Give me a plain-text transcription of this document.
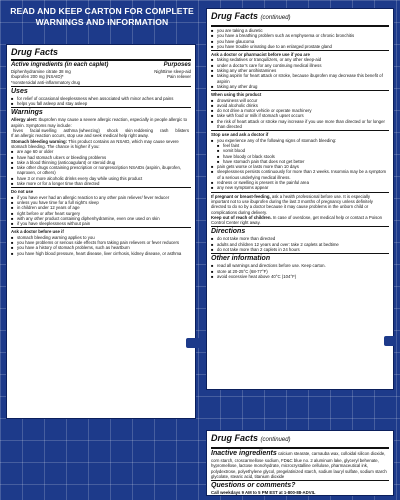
READ AND KEEP CARTON FOR COMPLETE
WARNINGS AND INFORMATION
Drug Facts
Active ingredients (in each caplet)	Purposes
Diphenhydramine citrate 38 mg	Nighttime sleep-aid
Ibuprofen 200 mg (NSAID)*	Pain reliever
*nonsteroidal anti-inflammatory drug
Uses
■ for relief of occasional sleeplessness when associated with minor aches and pains
■ helps you fall asleep and stay asleep
Warnings
Allergy alert: Ibuprofen may cause a severe allergic reaction, especially in people allergic to aspirin. Symptoms may include:
hives facial swelling asthma (wheezing) shock skin reddening rash blisters
If an allergic reaction occurs, stop use and seek medical help right away.
Stomach bleeding warning: This product contains an NSAID, which may cause severe stomach bleeding. The chance is higher if you:
■ are age 60 or older
■ have had stomach ulcers or bleeding problems
■ take a blood thinning (anticoagulant) or steroid drug
■ take other drugs containing prescription or nonprescription NSAIDs (aspirin, ibuprofen, naproxen, or others)
■ have 3 or more alcoholic drinks every day while using this product
■ take more or for a longer time than directed
Do not use
■ if you have ever had an allergic reaction to any other pain reliever/ fever reducer
■ unless you have time for a full night's sleep
■ in children under 12 years of age
■ right before or after heart surgery
■ with any other product containing diphenhydramine, even one used on skin
■ if you have sleeplessness without pain
Ask a doctor before use if
■ stomach bleeding warning applies to you
■ you have problems or serious side effects from taking pain relievers or fever reducers
■ you have a history of stomach problems, such as heartburn
■ you have high blood pressure, heart disease, liver cirrhosis, kidney disease, or asthma
Drug Facts (continued)
■ you are taking a diuretic
■ you have a breathing problem such as emphysema or chronic bronchitis
■ you have glaucoma
■ you have trouble urinating due to an enlarged prostate gland
Ask a doctor or pharmacist before use if you are
■ taking sedatives or tranquilizers, or any other sleep-aid
■ under a doctor's care for any continuing medical illness
■ taking any other antihistamines
■ taking aspirin for heart attack or stroke, because ibuprofen may decrease this benefit of aspirin
■ taking any other drug
When using this product
■ drowsiness will occur
■ avoid alcoholic drinks
■ do not drive a motor vehicle or operate machinery
■ take with food or milk if stomach upset occurs
■ the risk of heart attack or stroke may increase if you use more than directed or for longer than directed
Stop use and ask a doctor if
■ you experience any of the following signs of stomach bleeding:
■ feel faint
■ vomit blood
■ have bloody or black stools
■ have stomach pain that does not get better
■ pain gets worse or lasts more than 10 days
■ sleeplessness persists continuously for more than 2 weeks. Insomnia may be a symptom of a serious underlying medical illness.
■ redness or swelling is present in the painful area
■ any new symptoms appear
If pregnant or breast-feeding, ask a health professional before use. It is especially important not to use ibuprofen during the last 3 months of pregnancy unless definitely directed to do so by a doctor because it may cause problems in the unborn child or complications during delivery.
Keep out of reach of children. In case of overdose, get medical help or contact a Poison Control Center right away.
Directions
■ do not take more than directed
■ adults and children 12 years and over: take 2 caplets at bedtime
■ do not take more than 2 caplets in 24 hours
Other information
■ read all warnings and directions before use. Keep carton.
■ store at 20-25°C (68-77°F)
■ avoid excessive heat above 40°C (104°F)
Drug Facts (continued)
Inactive ingredients calcium stearate, carnauba wax, colloidal silicon dioxide, corn starch, croscarmellose sodium, FD&C blue no. 2 aluminum lake, glyceryl behenate, hypromellose, lactose monohydrate, microcrystalline cellulose, pharmaceutical ink, polydextrose, polyethylene glycol, pregelatinized starch, sodium lauryl sulfate, sodium starch glycolate, stearic acid, titanium dioxide
Questions or comments?
Call weekdays 9 AM to 5 PM EST at 1-800-88-ADVIL
